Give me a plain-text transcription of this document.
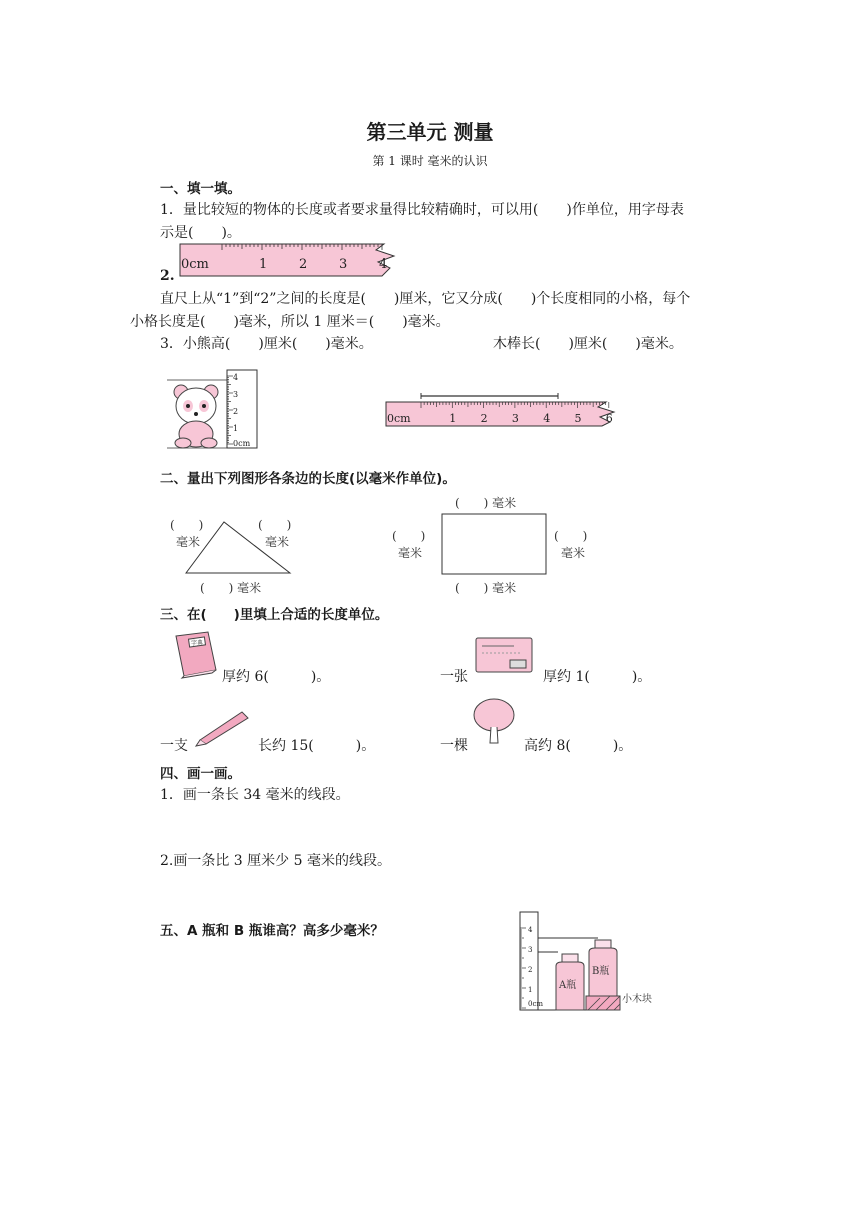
第三单元 测量
第 1 课时 毫米的认识
一、填一填。
1．量比较短的物体的长度或者要求量得比较精确时，可以用(　　)作单位，用字母表
示是(　　)。
2.
0cm	1 2 3 4
直尺上从“1”到“2”之间的长度是(　　)厘米，它又分成(　　)个长度相同的小格，每个
小格长度是(　　)毫米，所以 1 厘米＝(　　)毫米。
3．小熊高(　　)厘米(　　)毫米。	木棒长(　　)厘米(　　)毫米。
4
3
2
1
0cm
0cm	1 2 3 4 5 6
二、量出下列图形各条边的长度(以毫米作单位)。
(　　)
毫米
(　　)
毫米
(　　) 毫米
(　　) 毫米
(　　) 毫米
(　　)
毫米
(　　)
毫米
三、在(　　)里填上合适的长度单位。
字典
厚约 6(　　　)。	一张	厚约 1(　　　)。
一支	长约 15(　　　)。	一棵	高约 8(　　　)。
四、画一画。
1．画一条长 34 毫米的线段。
2.画一条比 3 厘米少 5 毫米的线段。
五、A 瓶和 B 瓶谁高？高多少毫米？	4
3
2
1
0cm
A瓶
B瓶
小木块
